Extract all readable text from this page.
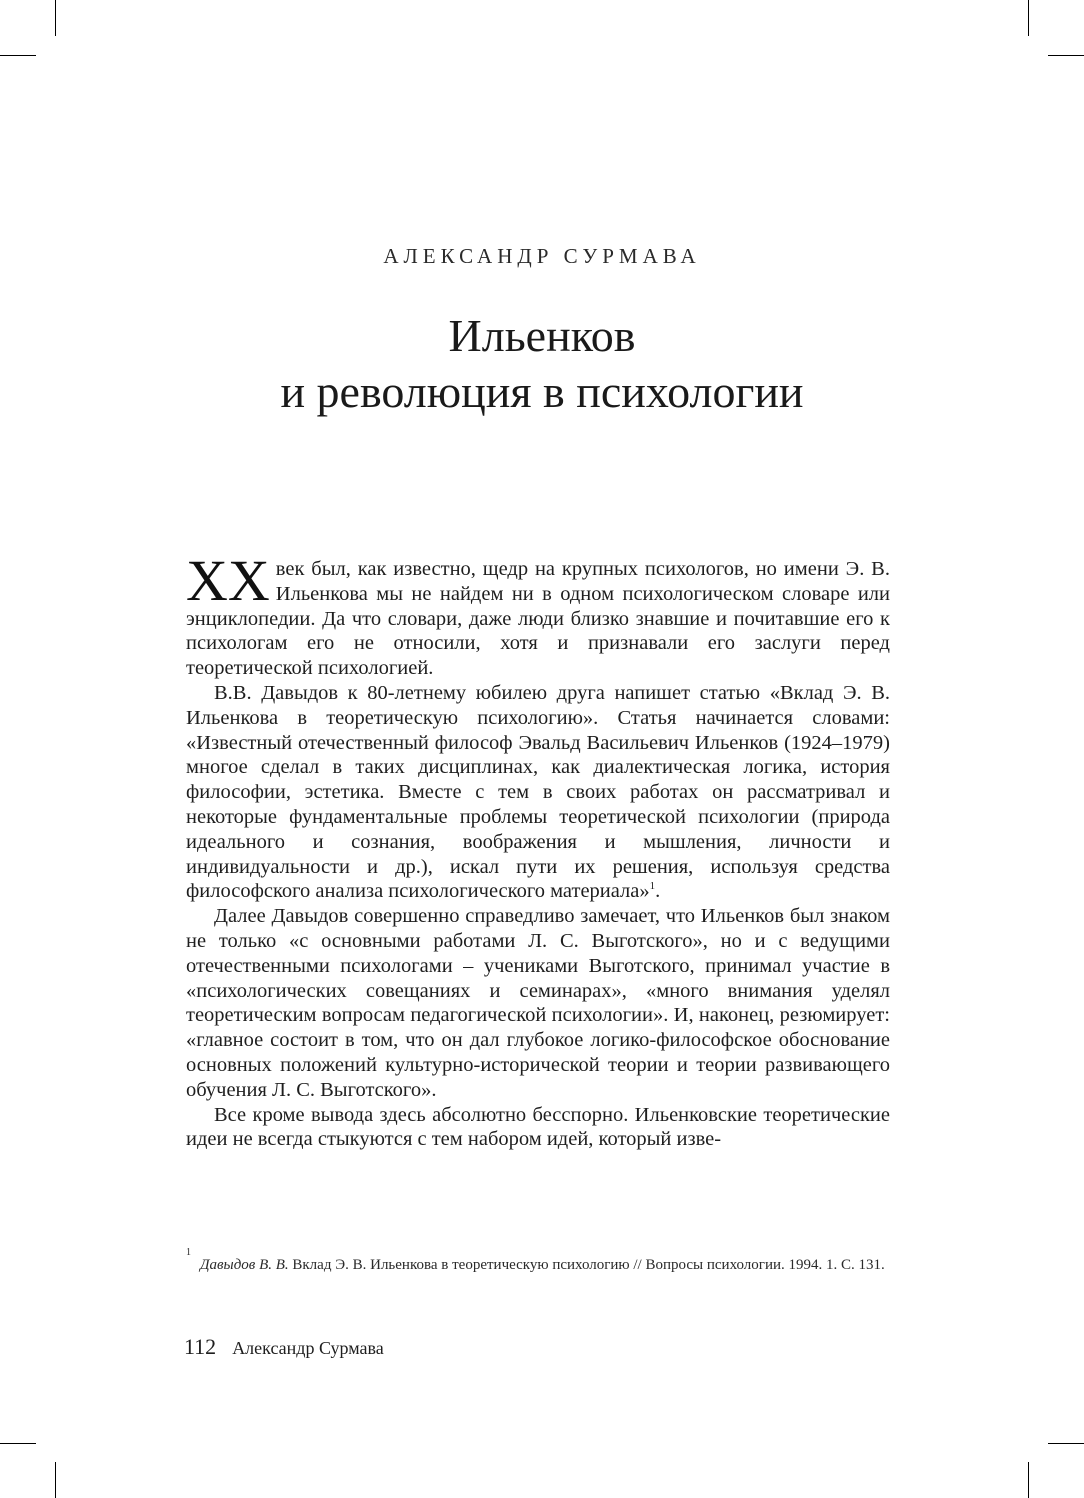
АЛЕКСАНДР СУРМАВА
Ильенков
и революция в психологии

XX век был, как известно, щедр на крупных психологов, но имени Э. В. Ильенкова мы не найдем ни в одном психологическом словаре или энциклопедии. Да что словари, даже люди близко знавшие и почитавшие его к психологам его не относили, хотя и признавали его заслуги перед теоретической психологией.

В.В. Давыдов к 80-летнему юбилею друга напишет статью «Вклад Э. В. Ильенкова в теоретическую психологию». Статья начинается словами: «Известный отечественный философ Эвальд Васильевич Ильенков (1924–1979) многое сделал в таких дисциплинах, как диалектическая логика, история философии, эстетика. Вместе с тем в своих работах он рассматривал и некоторые фундаментальные проблемы теоретической психологии (природа идеального и сознания, воображения и мышления, личности и индивидуальности и др.), искал пути их решения, используя средства философского анализа психологического материала»$^1$.

Далее Давыдов совершенно справедливо замечает, что Ильенков был знаком не только «с основными работами Л. С. Выготского», но и с ведущими отечественными психологами – учениками Выготского, принимал участие в «психологических совещаниях и семинарах», «много внимания уделял теоретическим вопросам педагогической психологии». И, наконец, резюмирует: «главное состоит в том, что он дал глубокое логико-философское обоснование основных положений культурно-исторической теории и теории развивающего обучения Л. С. Выготского».

Все кроме вывода здесь абсолютно бесспорно. Ильенковские теоретические идеи не всегда стыкуются с тем набором идей, который изве-

1
Давыдов В. В. Вклад Э. В. Ильенкова в теоретическую психологию // Вопросы психологии. 1994. 1. С. 131.
112 Александр Сурмава
